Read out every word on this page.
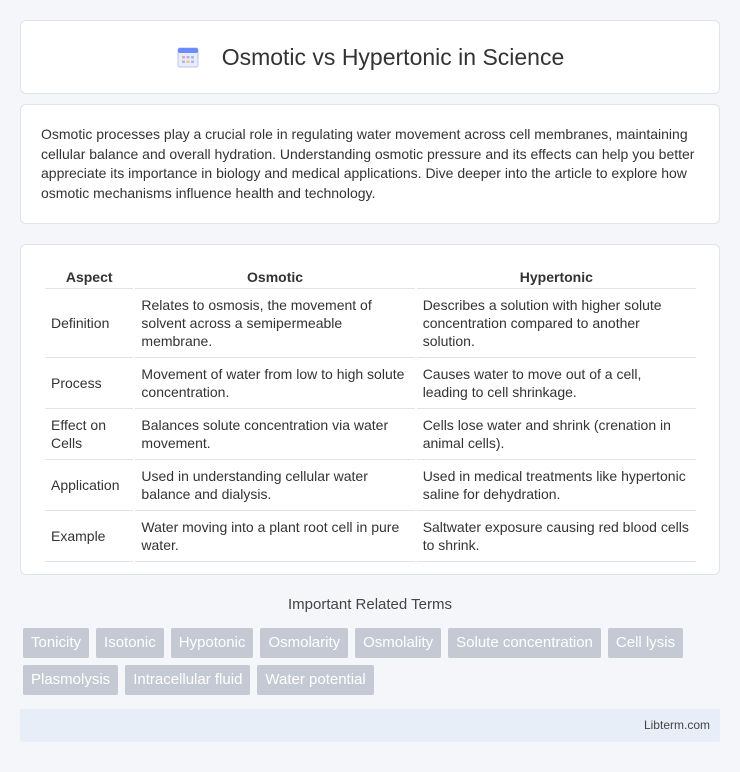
Osmotic vs Hypertonic in Science

Osmotic processes play a crucial role in regulating water movement across cell membranes, maintaining cellular balance and overall hydration. Understanding osmotic pressure and its effects can help you better appreciate its importance in biology and medical applications. Dive deeper into the article to explore how osmotic mechanisms influence health and technology.

Aspect	Osmotic	Hypertonic
Definition	Relates to osmosis, the movement of solvent across a semipermeable membrane.	Describes a solution with higher solute concentration compared to another solution.
Process	Movement of water from low to high solute concentration.	Causes water to move out of a cell, leading to cell shrinkage.
Effect on Cells	Balances solute concentration via water movement.	Cells lose water and shrink (crenation in animal cells).
Application	Used in understanding cellular water balance and dialysis.	Used in medical treatments like hypertonic saline for dehydration.
Example	Water moving into a plant root cell in pure water.	Saltwater exposure causing red blood cells to shrink.
Important Related Terms
Tonicity	Isotonic	Hypotonic	Osmolarity	Osmolality	Solute concentration	Cell lysis
Plasmolysis	Intracellular fluid	Water potential
Libterm.com
